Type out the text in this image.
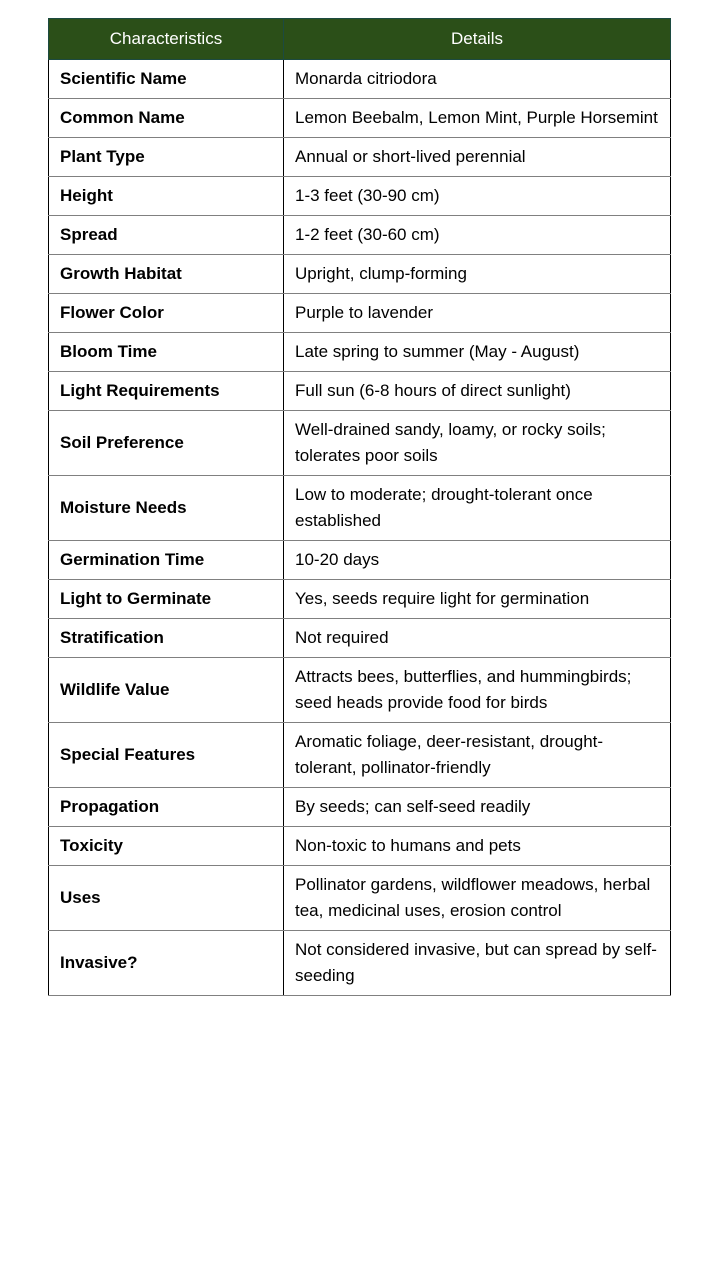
Characteristics	Details
Scientific Name	Monarda citriodora
Common Name	Lemon Beebalm, Lemon Mint, Purple Horsemint
Plant Type	Annual or short-lived perennial
Height	1-3 feet (30-90 cm)
Spread	1-2 feet (30-60 cm)
Growth Habitat	Upright, clump-forming
Flower Color	Purple to lavender
Bloom Time	Late spring to summer (May - August)
Light Requirements	Full sun (6-8 hours of direct sunlight)
Soil Preference	Well-drained sandy, loamy, or rocky soils; tolerates poor soils
Moisture Needs	Low to moderate; drought-tolerant once established
Germination Time	10-20 days
Light to Germinate	Yes, seeds require light for germination
Stratification	Not required
Wildlife Value	Attracts bees, butterflies, and hummingbirds; seed heads provide food for birds
Special Features	Aromatic foliage, deer-resistant, drought-tolerant, pollinator-friendly
Propagation	By seeds; can self-seed readily
Toxicity	Non-toxic to humans and pets
Uses	Pollinator gardens, wildflower meadows, herbal tea, medicinal uses, erosion control
Invasive?	Not considered invasive, but can spread by self-seeding
